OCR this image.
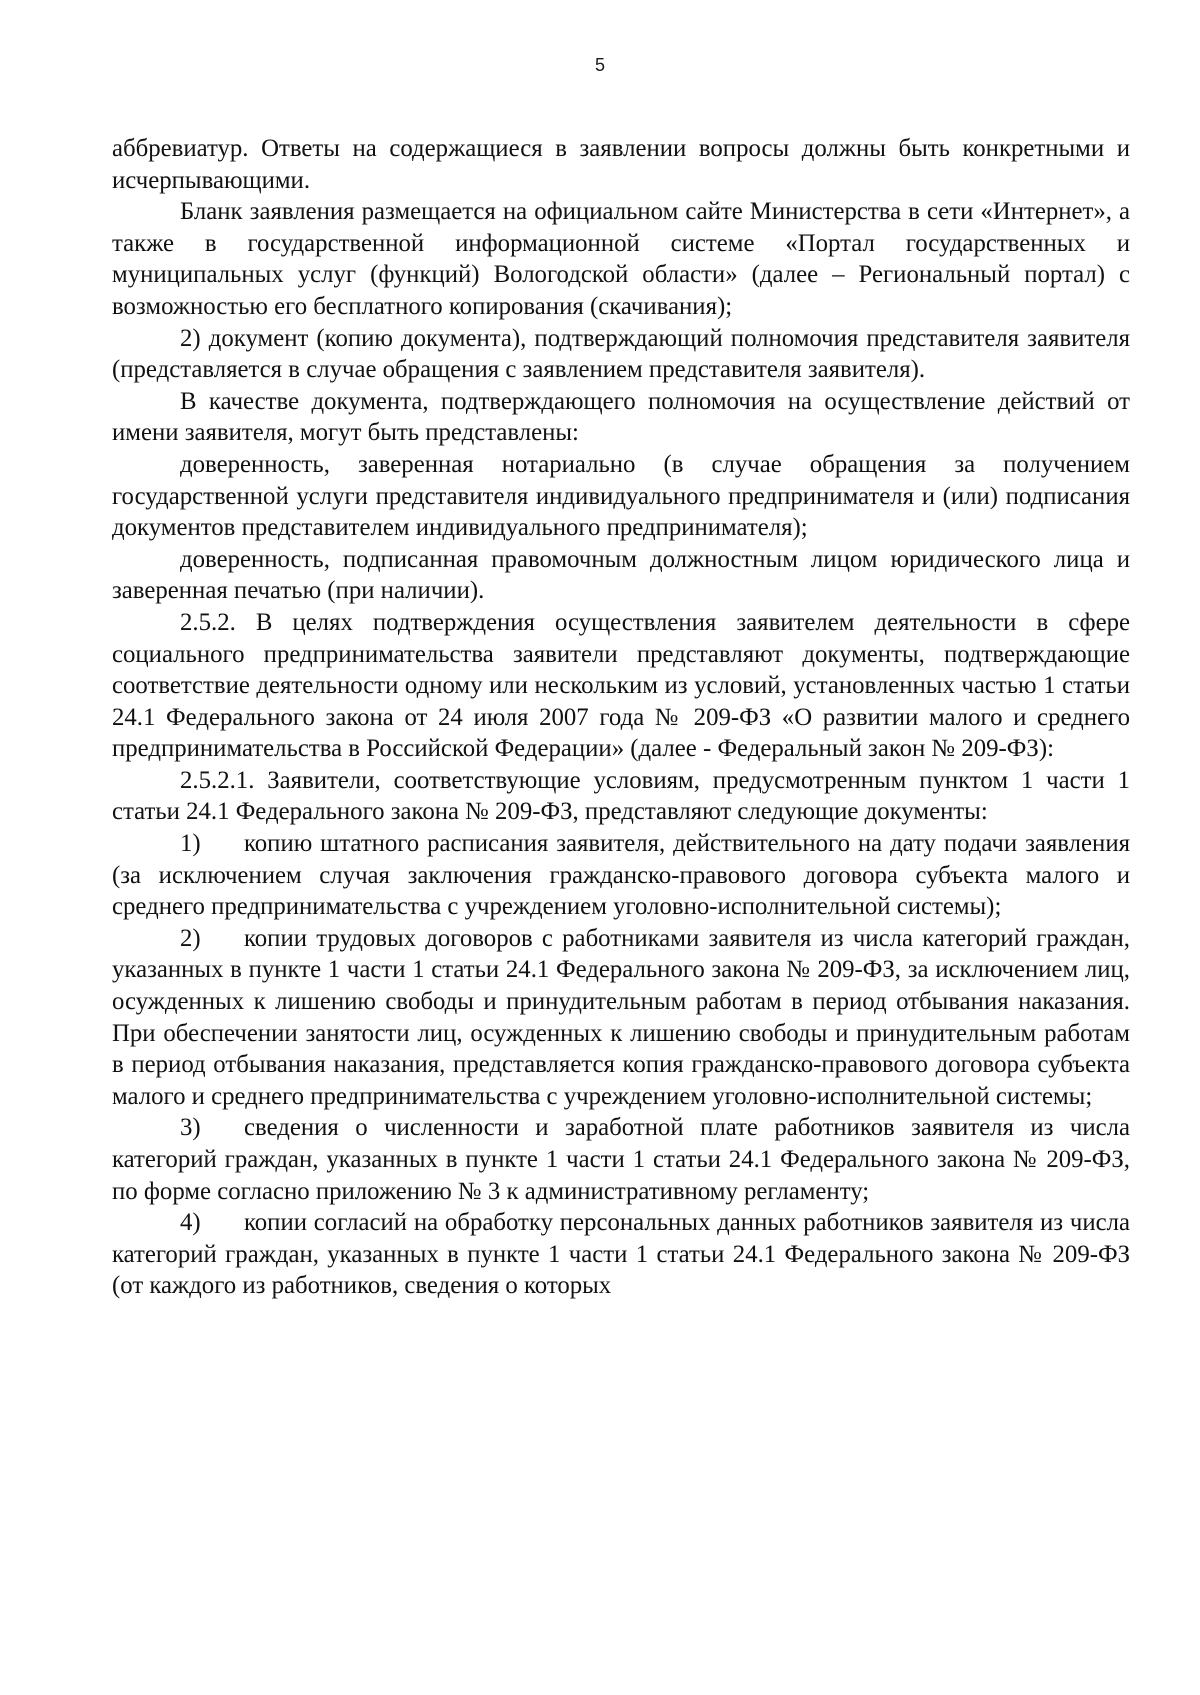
5

аббревиатур. Ответы на содержащиеся в заявлении вопросы должны быть конкретными и исчерпывающими.

Бланк заявления размещается на официальном сайте Министерства в сети «Интернет», а также в государственной информационной системе «Портал государственных и муниципальных услуг (функций) Вологодской области» (далее – Региональный портал) с возможностью его бесплатного копирования (скачивания);

2) документ (копию документа), подтверждающий полномочия представителя заявителя (представляется в случае обращения с заявлением представителя заявителя).

В качестве документа, подтверждающего полномочия на осуществление действий от имени заявителя, могут быть представлены:

доверенность, заверенная нотариально (в случае обращения за получением государственной услуги представителя индивидуального предпринимателя и (или) подписания документов представителем индивидуального предпринимателя);

доверенность, подписанная правомочным должностным лицом юридического лица и заверенная печатью (при наличии).

2.5.2. В целях подтверждения осуществления заявителем деятельности в сфере социального предпринимательства заявители представляют документы, подтверждающие соответствие деятельности одному или нескольким из условий, установленных частью 1 статьи 24.1 Федерального закона от 24 июля 2007 года № 209-ФЗ «О развитии малого и среднего предпринимательства в Российской Федерации» (далее - Федеральный закон № 209-ФЗ):

2.5.2.1. Заявители, соответствующие условиям, предусмотренным пунктом 1 части 1 статьи 24.1 Федерального закона № 209-ФЗ, представляют следующие документы:

1) копию штатного расписания заявителя, действительного на дату подачи заявления (за исключением случая заключения гражданско-правового договора субъекта малого и среднего предпринимательства с учреждением уголовно-исполнительной системы);

2) копии трудовых договоров с работниками заявителя из числа категорий граждан, указанных в пункте 1 части 1 статьи 24.1 Федерального закона № 209-ФЗ, за исключением лиц, осужденных к лишению свободы и принудительным работам в период отбывания наказания. При обеспечении занятости лиц, осужденных к лишению свободы и принудительным работам в период отбывания наказания, представляется копия гражданско-правового договора субъекта малого и среднего предпринимательства с учреждением уголовно-исполнительной системы;

3) сведения о численности и заработной плате работников заявителя из числа категорий граждан, указанных в пункте 1 части 1 статьи 24.1 Федерального закона № 209-ФЗ, по форме согласно приложению № 3 к административному регламенту;

4) копии согласий на обработку персональных данных работников заявителя из числа категорий граждан, указанных в пункте 1 части 1 статьи 24.1 Федерального закона № 209-ФЗ (от каждого из работников, сведения о которых
